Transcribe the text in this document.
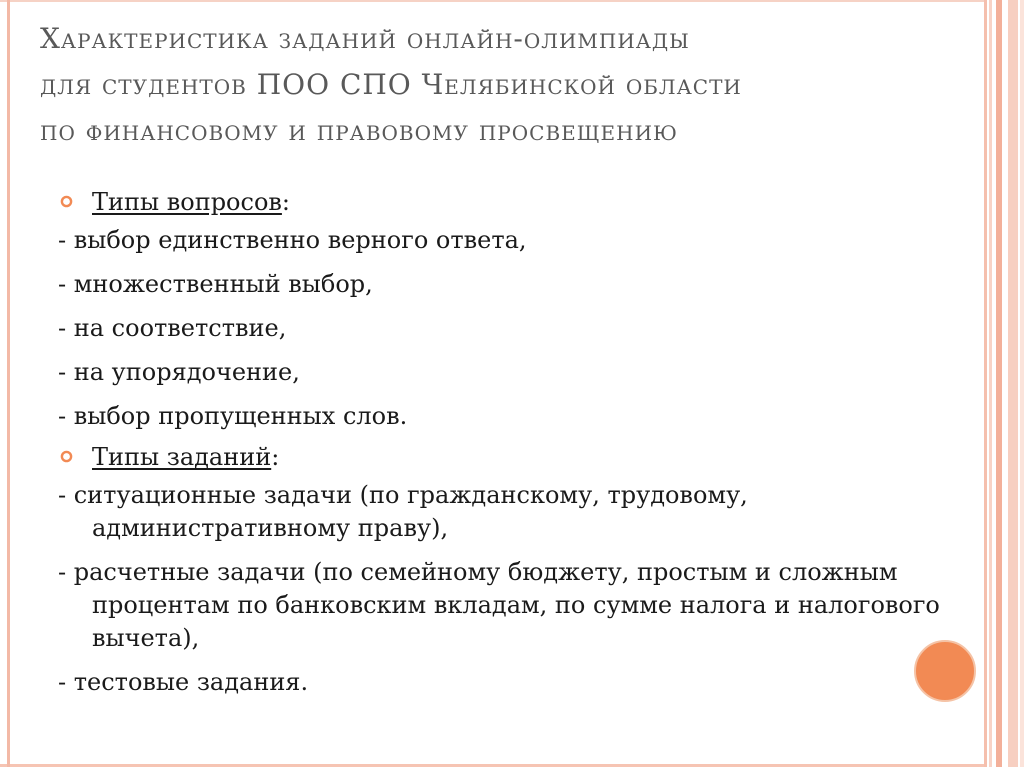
Характеристика заданий онлайн-олимпиады
для студентов ПОО СПО Челябинской области
по финансовому и правовому просвещению
Типы вопросов:
- выбор единственно верного ответа,
- множественный выбор,
- на соответствие,
- на упорядочение,
- выбор пропущенных слов.
Типы заданий:
- ситуационные задачи (по гражданскому, трудовому, административному праву),
- расчетные задачи (по семейному бюджету, простым и сложным процентам по банковским вкладам, по сумме налога и налогового вычета),
- тестовые задания.
